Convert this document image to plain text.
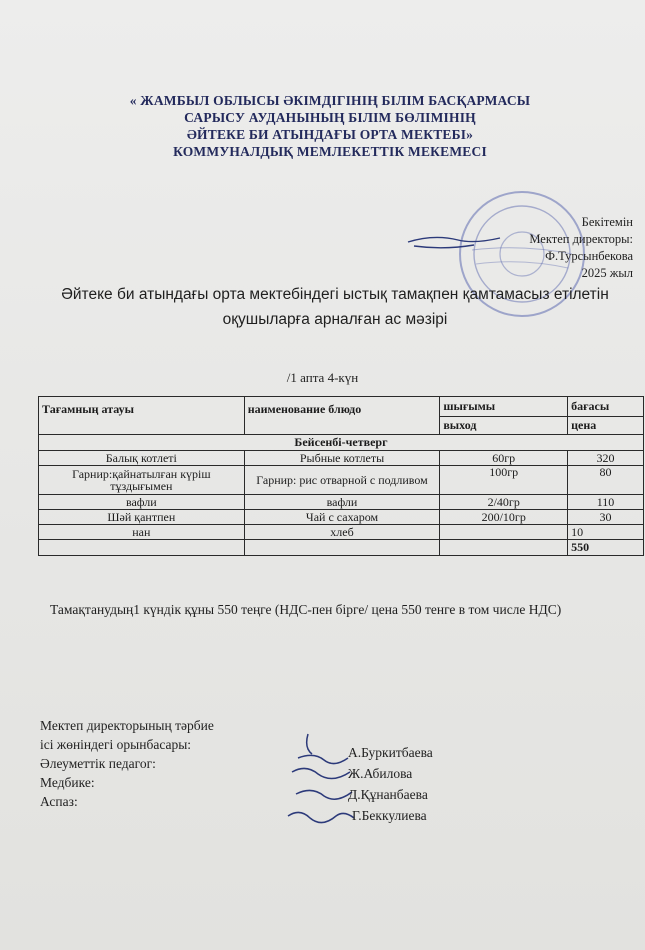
« ЖАМБЫЛ ОБЛЫСЫ ӘКІМДІГІНІҢ БІЛІМ БАСҚАРМАСЫ
САРЫСУ АУДАНЫНЫҢ БІЛІМ БӨЛІМІНІҢ
ӘЙТЕКЕ БИ АТЫНДАҒЫ ОРТА МЕКТЕБІ»
КОММУНАЛДЫҚ МЕМЛЕКЕТТІК МЕКЕМЕСІ
Бекітемін
Мектеп директоры:
Ф.Турсынбекова
2025 жыл
Әйтеке би атындағы орта мектебіндегі ыстық тамақпен қамтамасыз етілетін
оқушыларға арналған ас мәзірі
/1 апта 4-күн
Тағамның атауы	наименование блюдо	шығымы	бағасы
		выход	цена
Бейсенбі-четверг			
Балық котлеті	Рыбные котлеты	60гр	320
Гарнир:қайнатылған күріш тұздығымен	Гарнир: рис отварной с подливом	100гр	80
вафли	вафли	2/40гр	110
Шәй қантпен	Чай с сахаром	200/10гр	30
нан	хлеб		10
			550
Тамақтанудың1 күндік құны 550 теңге (НДС-пен бірге/ цена 550 тенге в том числе НДС)
Мектеп директорының тәрбие
ісі жөніндегі орынбасары:
Әлеуметтік педагог:
Медбике:
Аспаз:
А.Буркитбаева
Ж.Абилова
Д.Құнанбаева
Г.Беккулиева
